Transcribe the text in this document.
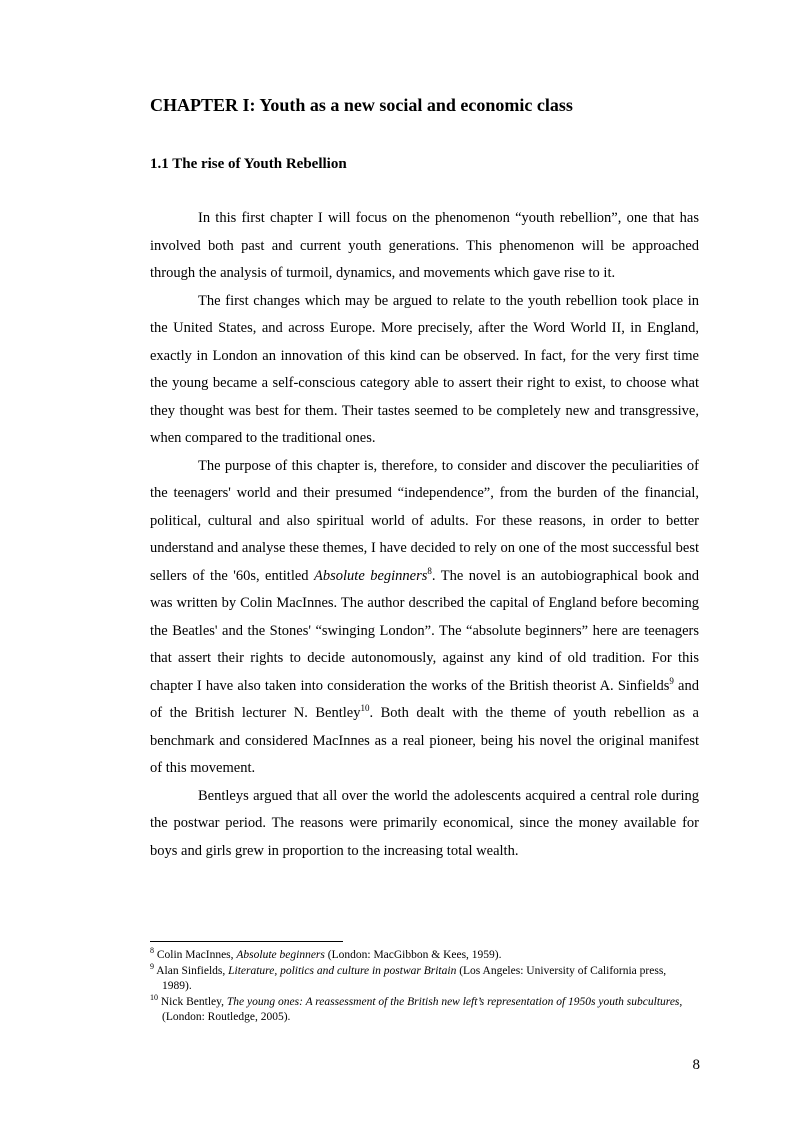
CHAPTER I: Youth as a new social and economic class
1.1 The rise of Youth Rebellion

In this first chapter I will focus on the phenomenon “youth rebellion”, one that has involved both past and current youth generations. This phenomenon will be approached through the analysis of turmoil, dynamics, and movements which gave rise to it.

The first changes which may be argued to relate to the youth rebellion took place in the United States, and across Europe. More precisely, after the Word World II, in England, exactly in London an innovation of this kind can be observed. In fact, for the very first time the young became a self-conscious category able to assert their right to exist, to choose what they thought was best for them. Their tastes seemed to be completely new and transgressive, when compared to the traditional ones.

The purpose of this chapter is, therefore, to consider and discover the peculiarities of the teenagers' world and their presumed “independence”, from the burden of the financial, political, cultural and also spiritual world of adults. For these reasons, in order to better understand and analyse these themes, I have decided to rely on one of the most successful best sellers of the '60s, entitled Absolute beginners$^8$. The novel is an autobiographical book and was written by Colin MacInnes. The author described the capital of England before becoming the Beatles' and the Stones' “swinging London”. The “absolute beginners” here are teenagers that assert their rights to decide autonomously, against any kind of old tradition. For this chapter I have also taken into consideration the works of the British theorist A. Sinfields$^9$ and of the British lecturer N. Bentley$^{10}$. Both dealt with the theme of youth rebellion as a benchmark and considered MacInnes as a real pioneer, being his novel the original manifest of this movement.

Bentleys argued that all over the world the adolescents acquired a central role during the postwar period. The reasons were primarily economical, since the money available for boys and girls grew in proportion to the increasing total wealth.

$^8$ Colin MacInnes, Absolute beginners (London: MacGibbon & Kees, 1959).

$^9$ Alan Sinfields, Literature, politics and culture in postwar Britain (Los Angeles: University of California press, 1989).

$^{10}$ Nick Bentley, The young ones: A reassessment of the British new left’s representation of 1950s youth subcultures, (London: Routledge, 2005).

8
